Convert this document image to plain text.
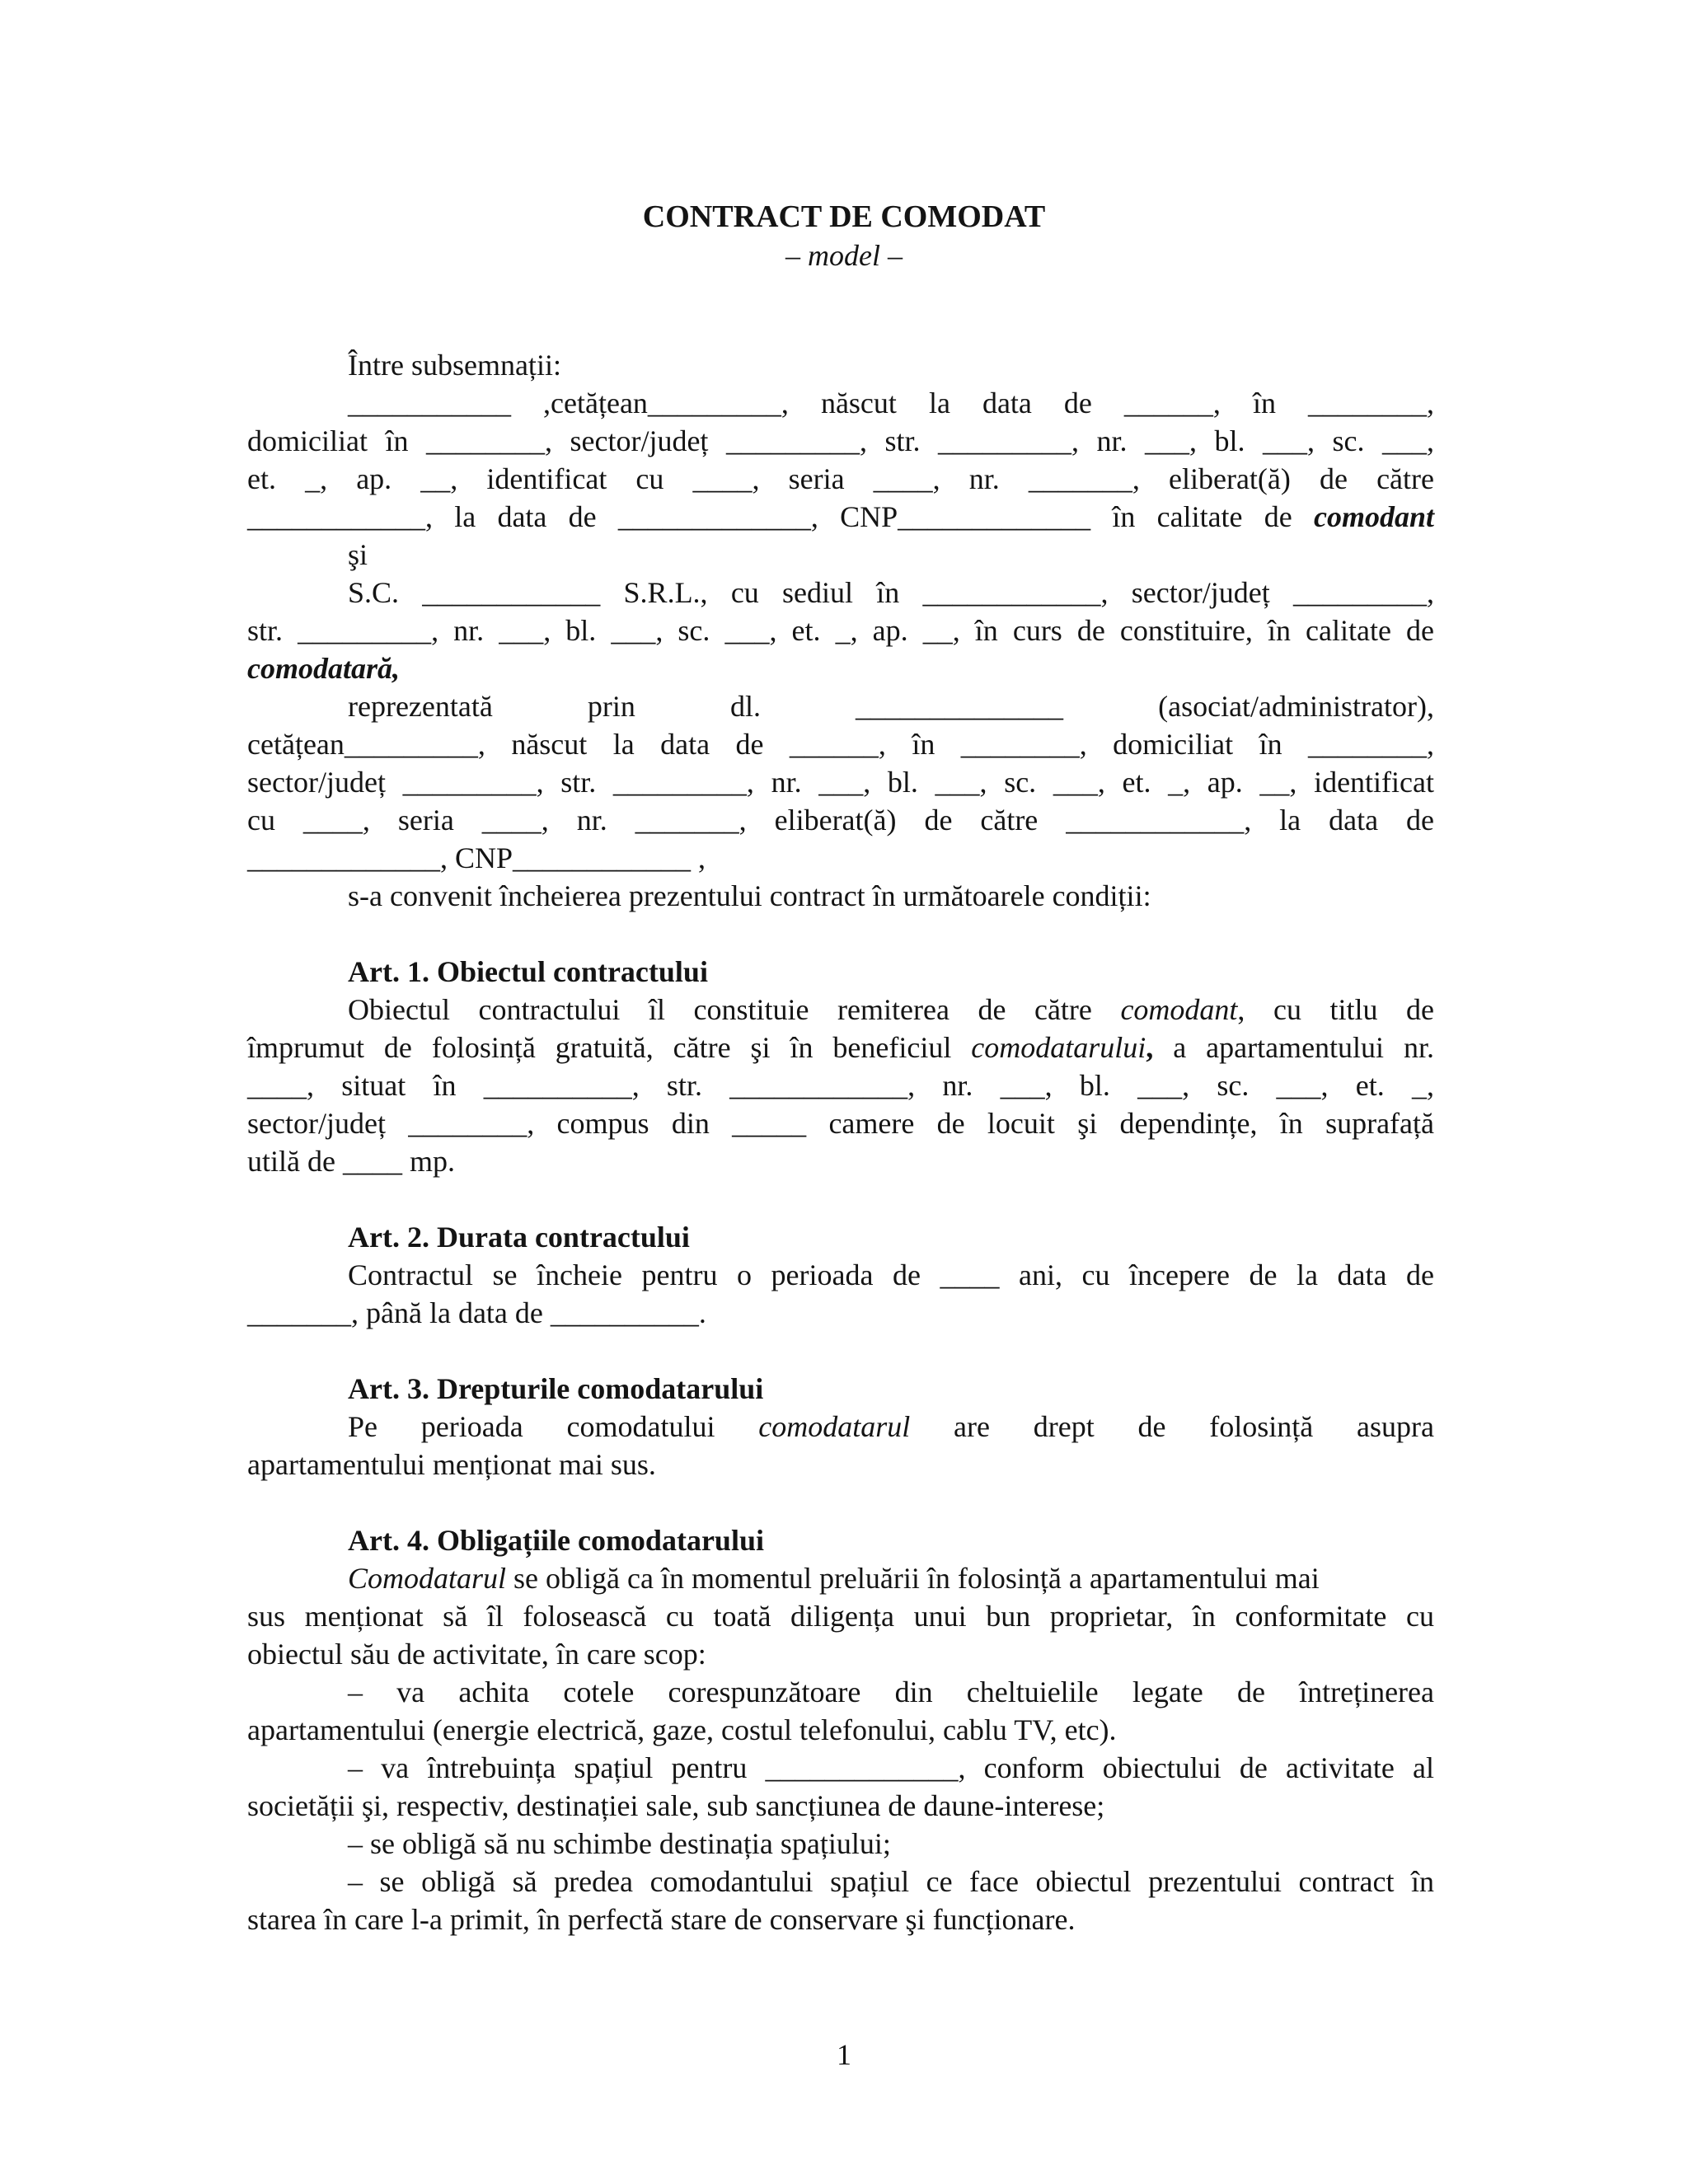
CONTRACT DE COMODAT
– model –
Între subsemnații:
___________ ,cetățean_________, născut la data de ______, în ________,
domiciliat în ________, sector/județ _________, str. _________, nr. ___, bl. ___, sc. ___,
et. _, ap. __, identificat cu ____, seria ____, nr. _______, eliberat(ă) de către
____________, la data de _____________, CNP_____________ în calitate de comodant
şi
S.C. ____________ S.R.L., cu sediul în ____________, sector/județ _________,
str. _________, nr. ___, bl. ___, sc. ___, et. _, ap. __, în curs de constituire, în calitate de
comodatară,
reprezentată prin dl. ______________ (asociat/administrator),
cetățean_________, născut la data de ______, în ________, domiciliat în ________,
sector/județ _________, str. _________, nr. ___, bl. ___, sc. ___, et. _, ap. __, identificat
cu ____, seria ____, nr. _______, eliberat(ă) de către ____________, la data de
_____________, CNP____________ ,
s-a convenit încheierea prezentului contract în următoarele condiții:
Art. 1. Obiectul contractului
Obiectul contractului îl constituie remiterea de către comodant, cu titlu de
împrumut de folosință gratuită, către şi în beneficiul comodatarului, a apartamentului nr.
____, situat în __________, str. ____________, nr. ___, bl. ___, sc. ___, et. _,
sector/județ ________, compus din _____ camere de locuit şi dependințe, în suprafață
utilă de ____ mp.
Art. 2. Durata contractului
Contractul se încheie pentru o perioada de ____ ani, cu începere de la data de
_______, până la data de __________.
Art. 3. Drepturile comodatarului
Pe perioada comodatului comodatarul are drept de folosință asupra
apartamentului menționat mai sus.
Art. 4. Obligațiile comodatarului
Comodatarul se obligă ca în momentul preluării în folosință a apartamentului mai
sus menționat să îl folosească cu toată diligența unui bun proprietar, în conformitate cu
obiectul său de activitate, în care scop:
– va achita cotele corespunzătoare din cheltuielile legate de întreținerea
apartamentului (energie electrică, gaze, costul telefonului, cablu TV, etc).
– va întrebuința spațiul pentru _____________, conform obiectului de activitate al
societății şi, respectiv, destinației sale, sub sancțiunea de daune-interese;
– se obligă să nu schimbe destinația spațiului;
– se obligă să predea comodantului spațiul ce face obiectul prezentului contract în
starea în care l-a primit, în perfectă stare de conservare şi funcționare.
1
